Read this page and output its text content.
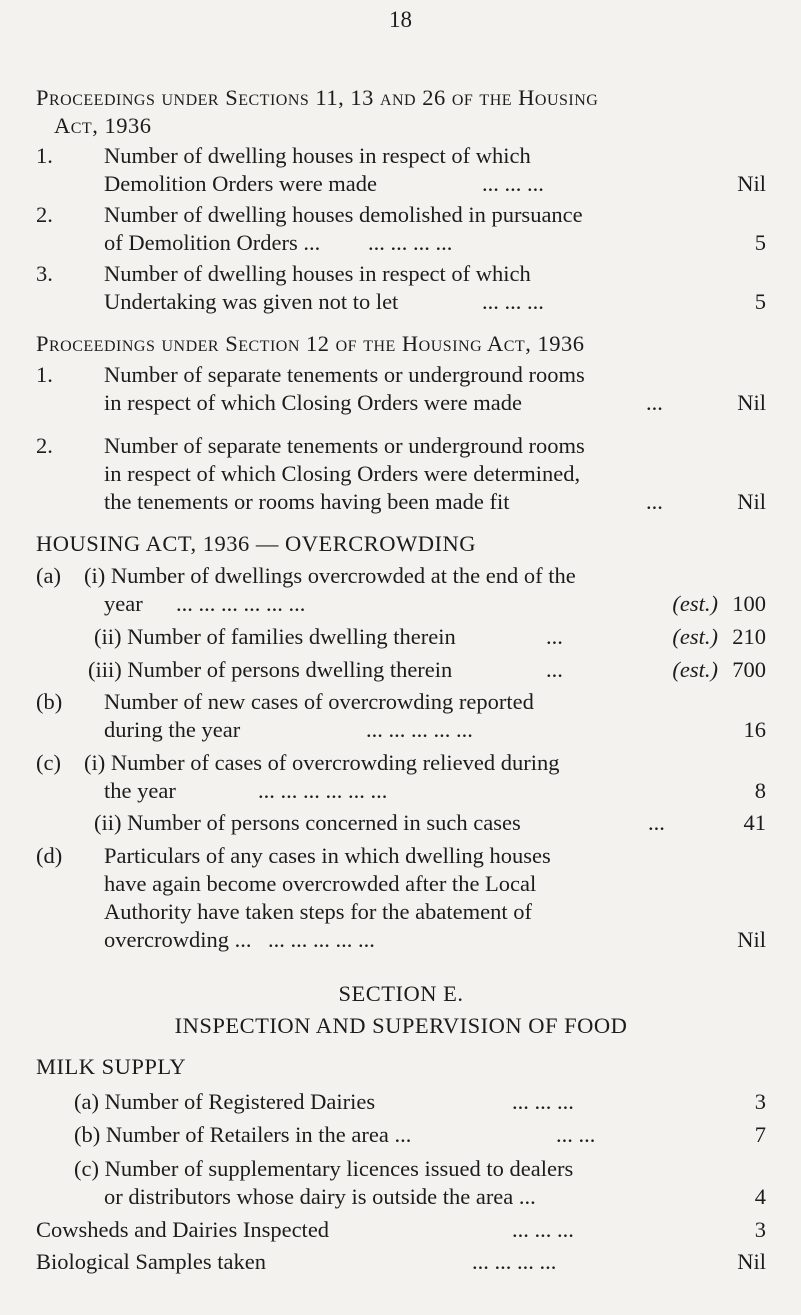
18
Proceedings under Sections 11, 13 and 26 of the Housing
Act, 1936
1. Number of dwelling houses in respect of which
Demolition Orders were made	... ... ...	Nil
2. Number of dwelling houses demolished in pursuance
of Demolition Orders ... ... ... ... ...	5
3. Number of dwelling houses in respect of which
Undertaking was given not to let	... ... ...	5
Proceedings under Section 12 of the Housing Act, 1936
1. Number of separate tenements or underground rooms
in respect of which Closing Orders were made	...	Nil
2. Number of separate tenements or underground rooms
in respect of which Closing Orders were determined,
the tenements or rooms having been made fit	...	Nil
HOUSING ACT, 1936 — OVERCROWDING
(a) (i) Number of dwellings overcrowded at the end of the
year ... ... ... ... ... ...	(est.) 100
(ii) Number of families dwelling therein	...	(est.) 210
(iii) Number of persons dwelling therein	...	(est.) 700
(b) Number of new cases of overcrowding reported
during the year	... ... ... ... ...	16
(c) (i) Number of cases of overcrowding relieved during
the year	... ... ... ... ... ...	8
(ii) Number of persons concerned in such cases	...	41
(d) Particulars of any cases in which dwelling houses
have again become overcrowded after the Local
Authority have taken steps for the abatement of
overcrowding ... ... ... ... ... ...	Nil
SECTION E.
INSPECTION AND SUPERVISION OF FOOD
MILK SUPPLY
(a) Number of Registered Dairies	... ... ...	3
(b) Number of Retailers in the area ...	... ...	7
(c) Number of supplementary licences issued to dealers
or distributors whose dairy is outside the area ...	4
Cowsheds and Dairies Inspected	... ... ...	3
Biological Samples taken	... ... ... ...	Nil
